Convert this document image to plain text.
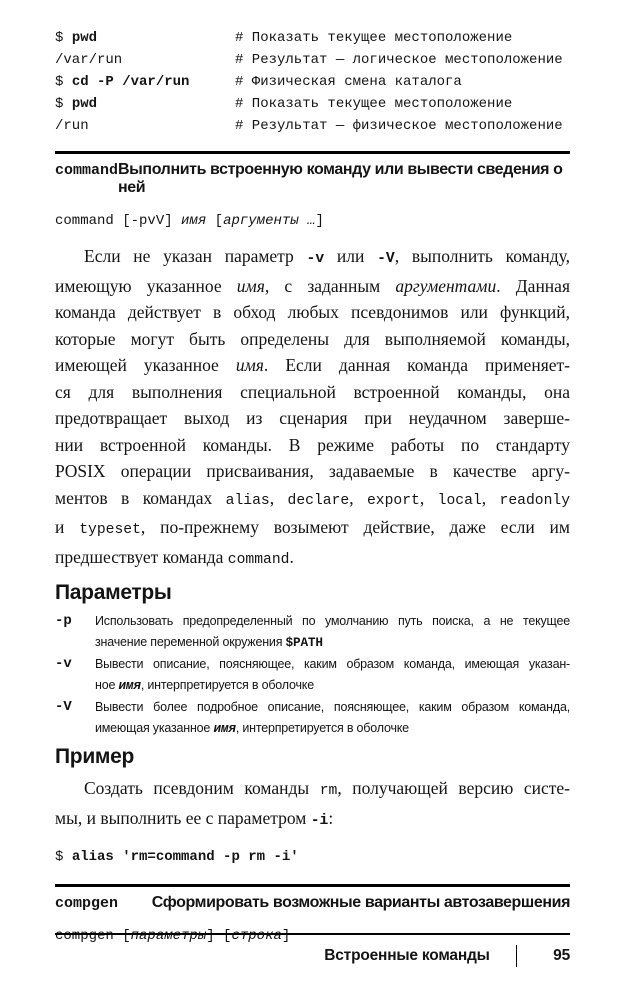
$ pwd	# Показать текущее местоположение
/var/run	# Результат — логическое местоположение
$ cd -P /var/run	# Физическая смена каталога
$ pwd	# Показать текущее местоположение
/run	# Результат — физическое местоположение
command Выполнить встроенную команду или вывести сведения о ней
command [-pvV] имя [аргументы …]
Если не указан параметр -v или -V, выполнить команду,
имеющую указанное имя, с заданным аргументами. Данная
команда действует в обход любых псевдонимов или функций,
которые могут быть определены для выполняемой команды,
имеющей указанное имя. Если данная команда применяет-
ся для выполнения специальной встроенной команды, она
предотвращает выход из сценария при неудачном заверше-
нии встроенной команды. В режиме работы по стандарту
POSIX операции присваивания, задаваемые в качестве аргу-
ментов в командах alias, declare, export, local, readonly
и typeset, по-прежнему возымеют действие, даже если им
предшествует команда command.
Параметры
-p	Использовать предопределенный по умолчанию путь поиска, а не текущее
значение переменной окружения $PATH
-v	Вывести описание, поясняющее, каким образом команда, имеющая указан-
ное имя, интерпретируется в оболочке
-V	Вывести более подробное описание, поясняющее, каким образом команда,
имеющая указанное имя, интерпретируется в оболочке
Пример
Создать псевдоним команды rm, получающей версию систе-
мы, и выполнить ее с параметром -i:
$ alias 'rm=command -p rm -i'
compgen Сформировать возможные варианты автозавершения
compgen [параметры] [строка]
Встроенные команды	95
